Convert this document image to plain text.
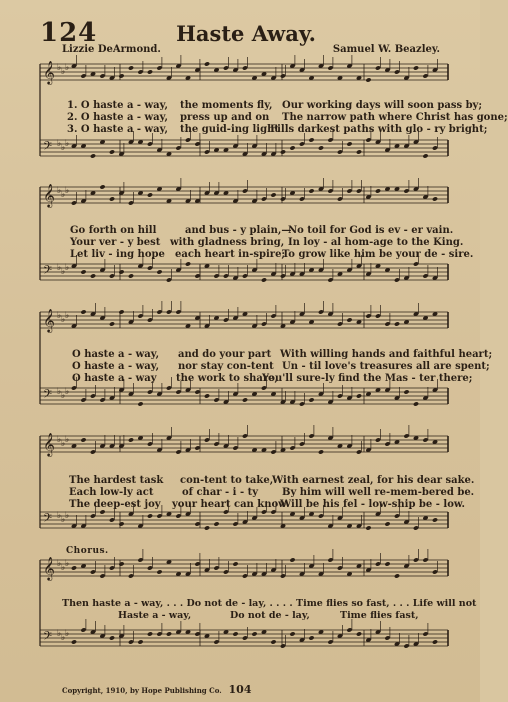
124	Haste Away.
Lizzie DeArmond.	Samuel W. Beazley.
𝄞 ♭ ♭ ♭
𝄢 ♭ ♭ ♭
𝄞 ♭ ♭ ♭
𝄢 ♭ ♭ ♭
𝄞 ♭ ♭ ♭
𝄢 ♭ ♭ ♭
𝄞 ♭ ♭ ♭
𝄢 ♭ ♭ ♭
𝄞 ♭ ♭ ♭
𝄢 ♭ ♭ ♭
1. O haste a - way, the moments fly, Our working days will soon pass by;
2. O haste a - way, press up and on The narrow path where Christ has gone;
3. O haste a - way, the guid-ing light
Fills darkest paths with glo - ry bright;
Go forth on hill	and bus - y plain,—
No toil for God is ev - er vain.
Your ver - y best with gladness bring, In loy - al hom-age to the King.
Let liv - ing hope each heart in-spire;
To grow like him be your de - sire.
O haste a - way, and do your part With willing hands and faithful heart;
O haste a - way, nor stay con-tent Un - til love's treasures all are spent;
O haste a - way the work to share,
You'll sure-ly find the Mas - ter there;
The hardest task con-tent to take,
With earnest zeal, for his dear sake.
Each low-ly act	of char - i - ty By him will well re-mem-bered be.
The deep-est joy your heart can know
Will be his fel - low-ship be - low.
Chorus.
Then haste a - way, . . . Do not de - lay, . . . . Time flies so fast, . . . Life will not
Haste a - way,	Do not de - lay,	Time flies fast,
Copyright, 1910, by Hope Publishing Co. 104
